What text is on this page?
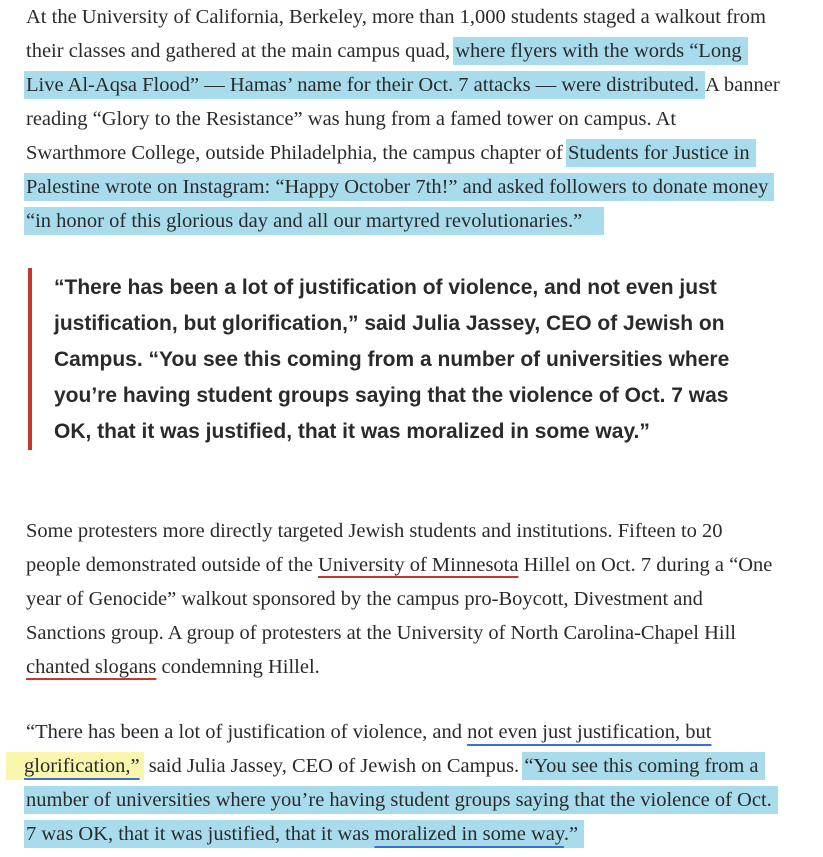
At the University of California, Berkeley, more than 1,000 students staged a walkout from
their classes and gathered at the main campus quad, where flyers with the words “Long
Live Al-Aqsa Flood” — Hamas’ name for their Oct. 7 attacks — were distributed. A banner
reading “Glory to the Resistance” was hung from a famed tower on campus. At
Swarthmore College, outside Philadelphia, the campus chapter of Students for Justice in
Palestine wrote on Instagram: “Happy October 7th!” and asked followers to donate money
“in honor of this glorious day and all our martyred revolutionaries.”
“There has been a lot of justification of violence, and not even just
justification, but glorification,” said Julia Jassey, CEO of Jewish on
Campus. “You see this coming from a number of universities where
you’re having student groups saying that the violence of Oct. 7 was
OK, that it was justified, that it was moralized in some way.”
Some protesters more directly targeted Jewish students and institutions. Fifteen to 20
people demonstrated outside of the University of Minnesota Hillel on Oct. 7 during a “One
year of Genocide” walkout sponsored by the campus pro-Boycott, Divestment and
Sanctions group. A group of protesters at the University of North Carolina-Chapel Hill
chanted slogans condemning Hillel.
“There has been a lot of justification of violence, and not even just justification, but
glorification,” said Julia Jassey, CEO of Jewish on Campus. “You see this coming from a
number of universities where you’re having student groups saying that the violence of Oct.
7 was OK, that it was justified, that it was moralized in some way.”
